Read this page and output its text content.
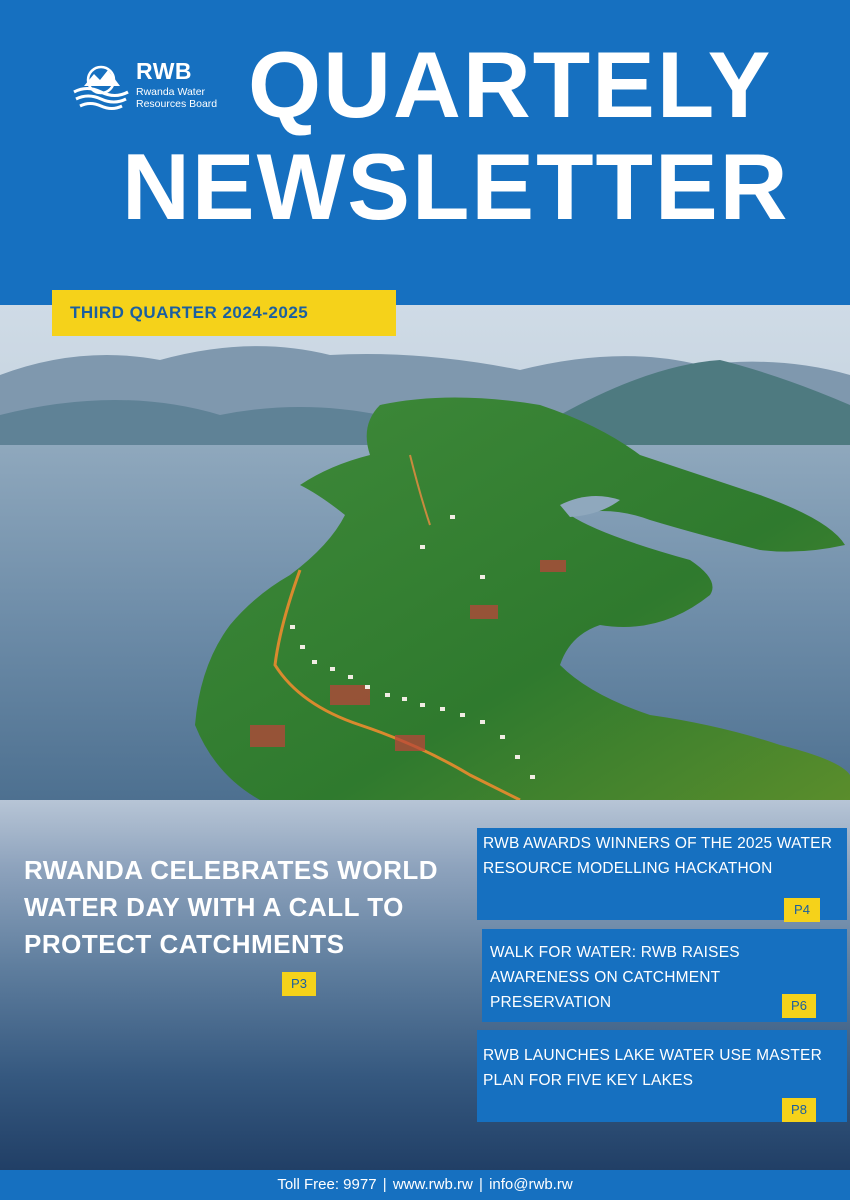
RWB
Rwanda Water Resources Board QUARTELY
NEWSLETTER
THIRD QUARTER 2024-2025
RWANDA CELEBRATES WORLD WATER DAY WITH A CALL TO PROTECT CATCHMENTS
P3
RWB AWARDS WINNERS OF THE 2025 WATER RESOURCE MODELLING HACKATHON
P4
WALK FOR WATER: RWB RAISES AWARENESS ON CATCHMENT PRESERVATION	P6
RWB LAUNCHES LAKE WATER USE MASTER PLAN FOR FIVE KEY LAKES
P8
Toll Free: 9977 | www.rwb.rw | info@rwb.rw
